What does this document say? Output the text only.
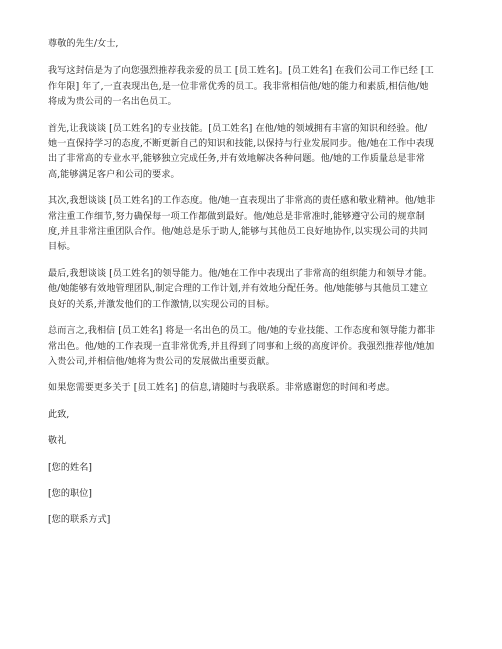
尊敬的先生/女士,

我写这封信是为了向您强烈推荐我亲爱的员工 [员工姓名]。[员工姓名] 在我们公司工作已经 [工作年限] 年了,一直表现出色,是一位非常优秀的员工。我非常相信他/她的能力和素质,相信他/她将成为贵公司的一名出色员工。

首先,让我谈谈 [员工姓名]的专业技能。[员工姓名] 在他/她的领域拥有丰富的知识和经验。他/她一直保持学习的态度,不断更新自己的知识和技能,以保持与行业发展同步。他/她在工作中表现出了非常高的专业水平,能够独立完成任务,并有效地解决各种问题。他/她的工作质量总是非常高,能够满足客户和公司的要求。

其次,我想谈谈 [员工姓名]的工作态度。他/她一直表现出了非常高的责任感和敬业精神。他/她非常注重工作细节,努力确保每一项工作都做到最好。他/她总是非常准时,能够遵守公司的规章制度,并且非常注重团队合作。他/她总是乐于助人,能够与其他员工良好地协作,以实现公司的共同目标。

最后,我想谈谈 [员工姓名]的领导能力。他/她在工作中表现出了非常高的组织能力和领导才能。他/她能够有效地管理团队,制定合理的工作计划,并有效地分配任务。他/她能够与其他员工建立良好的关系,并激发他们的工作激情,以实现公司的目标。

总而言之,我相信 [员工姓名] 将是一名出色的员工。他/她的专业技能、工作态度和领导能力都非常出色。他/她的工作表现一直非常优秀,并且得到了同事和上级的高度评价。我强烈推荐他/她加入贵公司,并相信他/她将为贵公司的发展做出重要贡献。

如果您需要更多关于 [员工姓名] 的信息,请随时与我联系。非常感谢您的时间和考虑。

此致,

敬礼

[您的姓名]

[您的职位]

[您的联系方式]
